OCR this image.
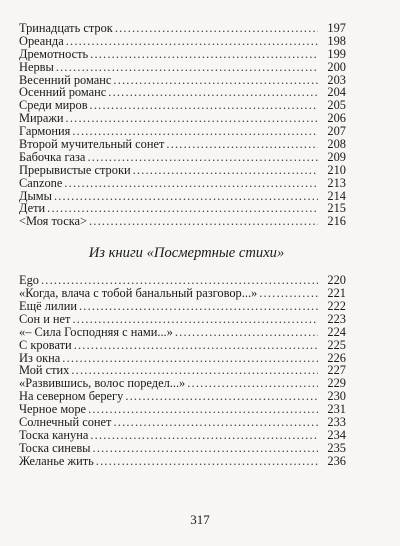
Тринадцать строк .....	197
Ореанда .....	198
Дремотность .....	199
Нервы .....	200
Весенний романс .....	203
Осенний романс .....	204
Среди миров .....	205
Миражи .....	206
Гармония .....	207
Второй мучительный сонет .....	208
Бабочка газа .....	209
Прерывистые строки .....	210
Canzone .....	213
Дымы .....	214
Дети .....	215
<Моя тоска> .....	216
Из книги «Посмертные стихи»
Ego .....	220
«Когда, влача с тобой банальный разговор...» .....	221
Ещё лилии .....	222
Сон и нет .....	223
«– Сила Господняя с нами...» .....	224
С кровати .....	225
Из окна .....	226
Мой стих .....	227
«Развившись, волос поредел...» .....	229
На северном берегу .....	230
Черное море .....	231
Солнечный сонет .....	233
Тоска кануна .....	234
Тоска синевы .....	235
Желанье жить .....	236
317
